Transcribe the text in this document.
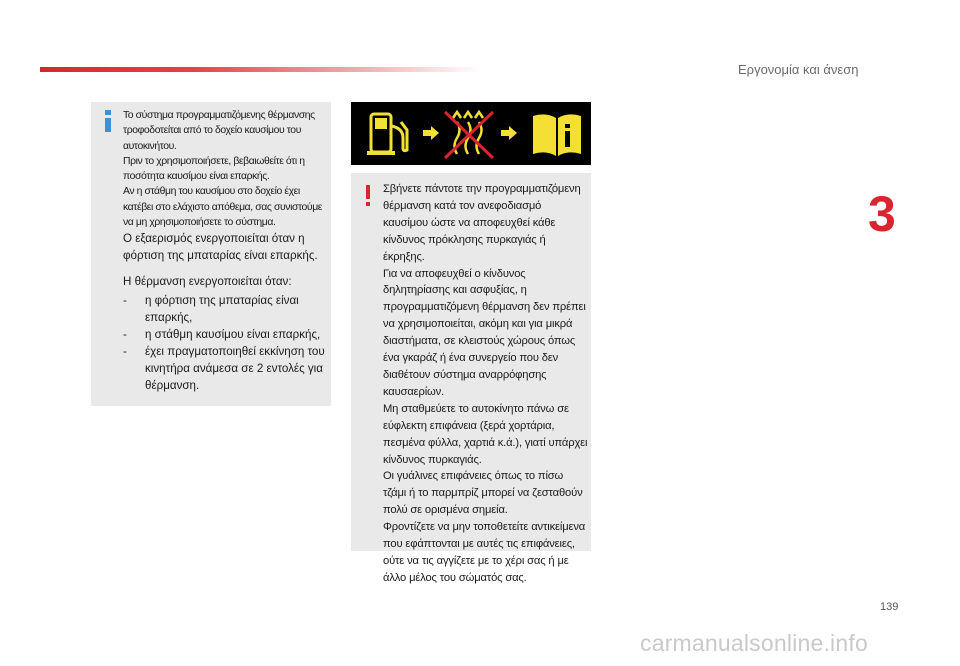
Εργονομία και άνεση
3
139

Το σύστημα προγραμματιζόμενης θέρμανσης τροφοδοτείται από το δοχείο καυσίμου του αυτοκινήτου.
Πριν το χρησιμοποιήσετε, βεβαιωθείτε ότι η ποσότητα καυσίμου είναι επαρκής.
Αν η στάθμη του καυσίμου στο δοχείο έχει κατέβει στο ελάχιστο απόθεμα, σας συνιστούμε να μη χρησιμοποιήσετε το σύστημα.

Ο εξαερισμός ενεργοποιείται όταν η φόρτιση της μπαταρίας είναι επαρκής.

Η θέρμανση ενεργοποιείται όταν:

- η φόρτιση της μπαταρίας είναι επαρκής,
- η στάθμη καυσίμου είναι επαρκής,
- έχει πραγματοποιηθεί εκκίνηση του κινητήρα ανάμεσα σε 2 εντολές για θέρμανση.

Σβήνετε πάντοτε την προγραμματιζόμενη θέρμανση κατά τον ανεφοδιασμό καυσίμου ώστε να αποφευχθεί κάθε κίνδυνος πρόκλησης πυρκαγιάς ή έκρηξης.
Για να αποφευχθεί ο κίνδυνος δηλητηρίασης και ασφυξίας, η προγραμματιζόμενη θέρμανση δεν πρέπει να χρησιμοποιείται, ακόμη και για μικρά διαστήματα, σε κλειστούς χώρους όπως ένα γκαράζ ή ένα συνεργείο που δεν διαθέτουν σύστημα αναρρόφησης καυσαερίων.
Μη σταθμεύετε το αυτοκίνητο πάνω σε εύφλεκτη επιφάνεια (ξερά χορτάρια, πεσμένα φύλλα, χαρτιά κ.ά.), γιατί υπάρχει κίνδυνος πυρκαγιάς.
Οι γυάλινες επιφάνειες όπως το πίσω τζάμι ή το παρμπρίζ μπορεί να ζεσταθούν πολύ σε ορισμένα σημεία.
Φροντίζετε να μην τοποθετείτε αντικείμενα που εφάπτονται με αυτές τις επιφάνειες, ούτε να τις αγγίζετε με το χέρι σας ή με άλλο μέλος του σώματός σας.

carmanualsonline.info
